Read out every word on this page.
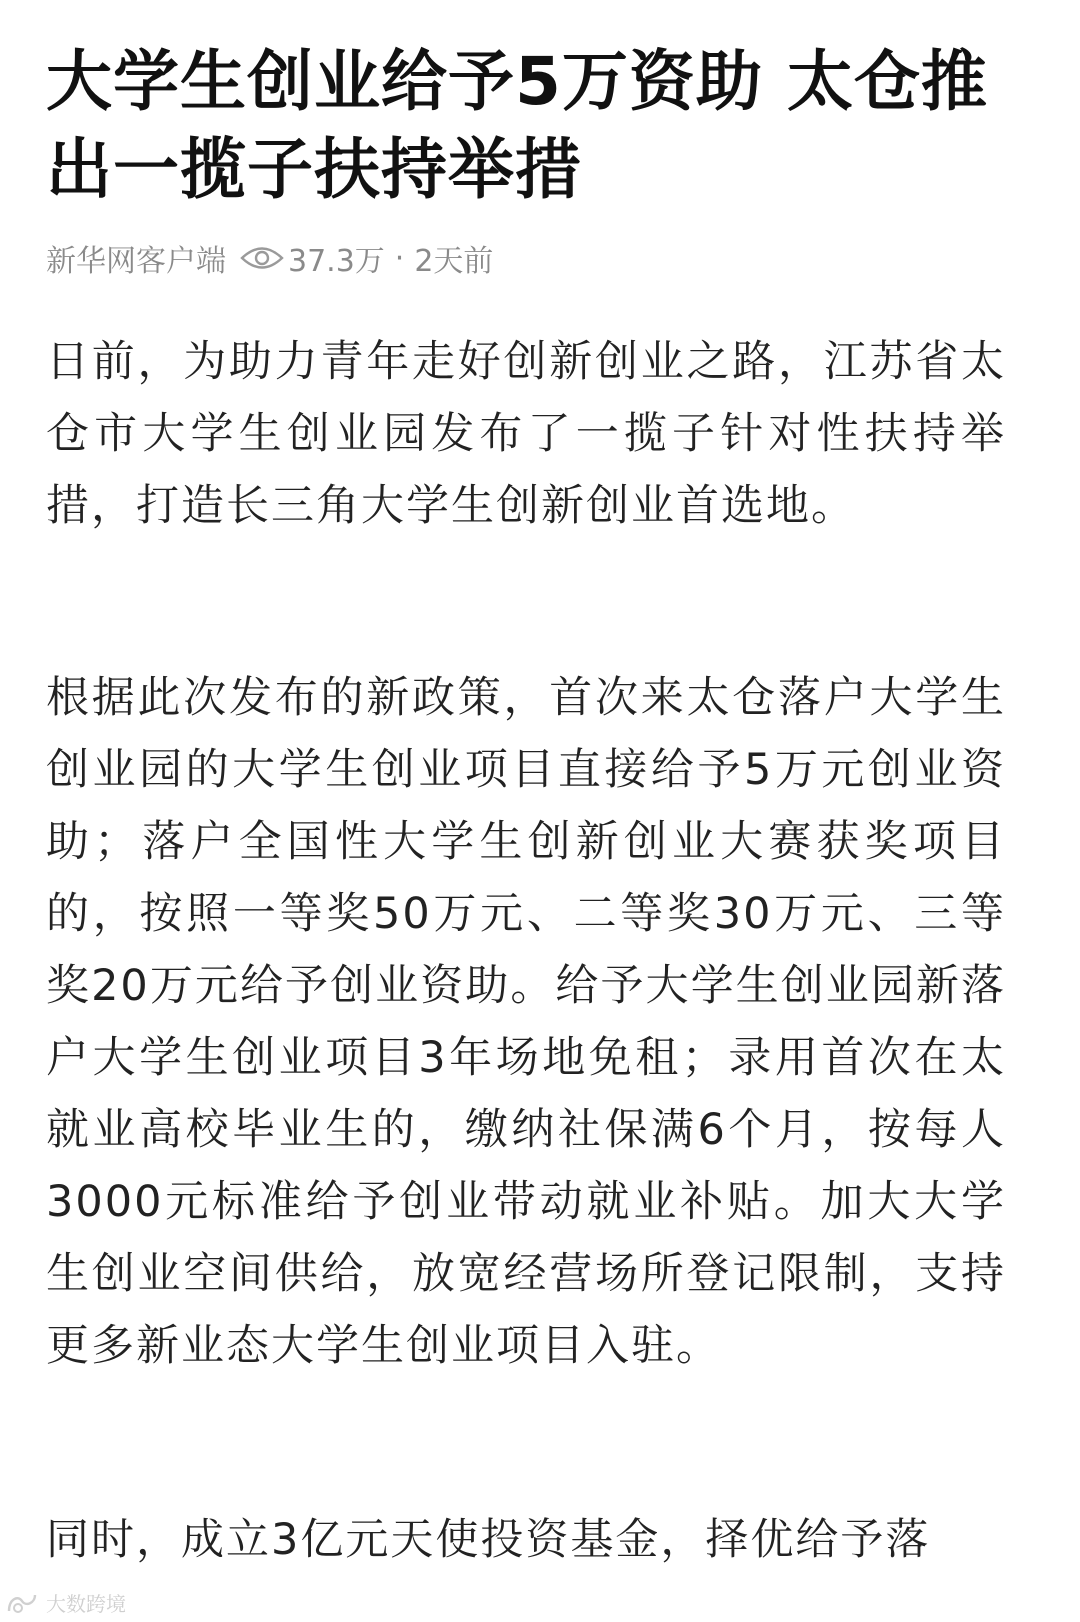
大学生创业给予5万资助 太仓推出一揽子扶持举措
新华网客户端 37.3万 · 2天前

日前，为助力青年走好创新创业之路，江苏省太仓市大学生创业园发布了一揽子针对性扶持举措，打造长三角大学生创新创业首选地。

根据此次发布的新政策，首次来太仓落户大学生创业园的大学生创业项目直接给予5万元创业资助；落户全国性大学生创新创业大赛获奖项目的，按照一等奖50万元、二等奖30万元、三等奖20万元给予创业资助。给予大学生创业园新落户大学生创业项目3年场地免租；录用首次在太就业高校毕业生的，缴纳社保满6个月，按每人3000元标准给予创业带动就业补贴。加大大学生创业空间供给，放宽经营场所登记限制，支持更多新业态大学生创业项目入驻。

同时，成立3亿元天使投资基金，择优给予落

大数跨境
